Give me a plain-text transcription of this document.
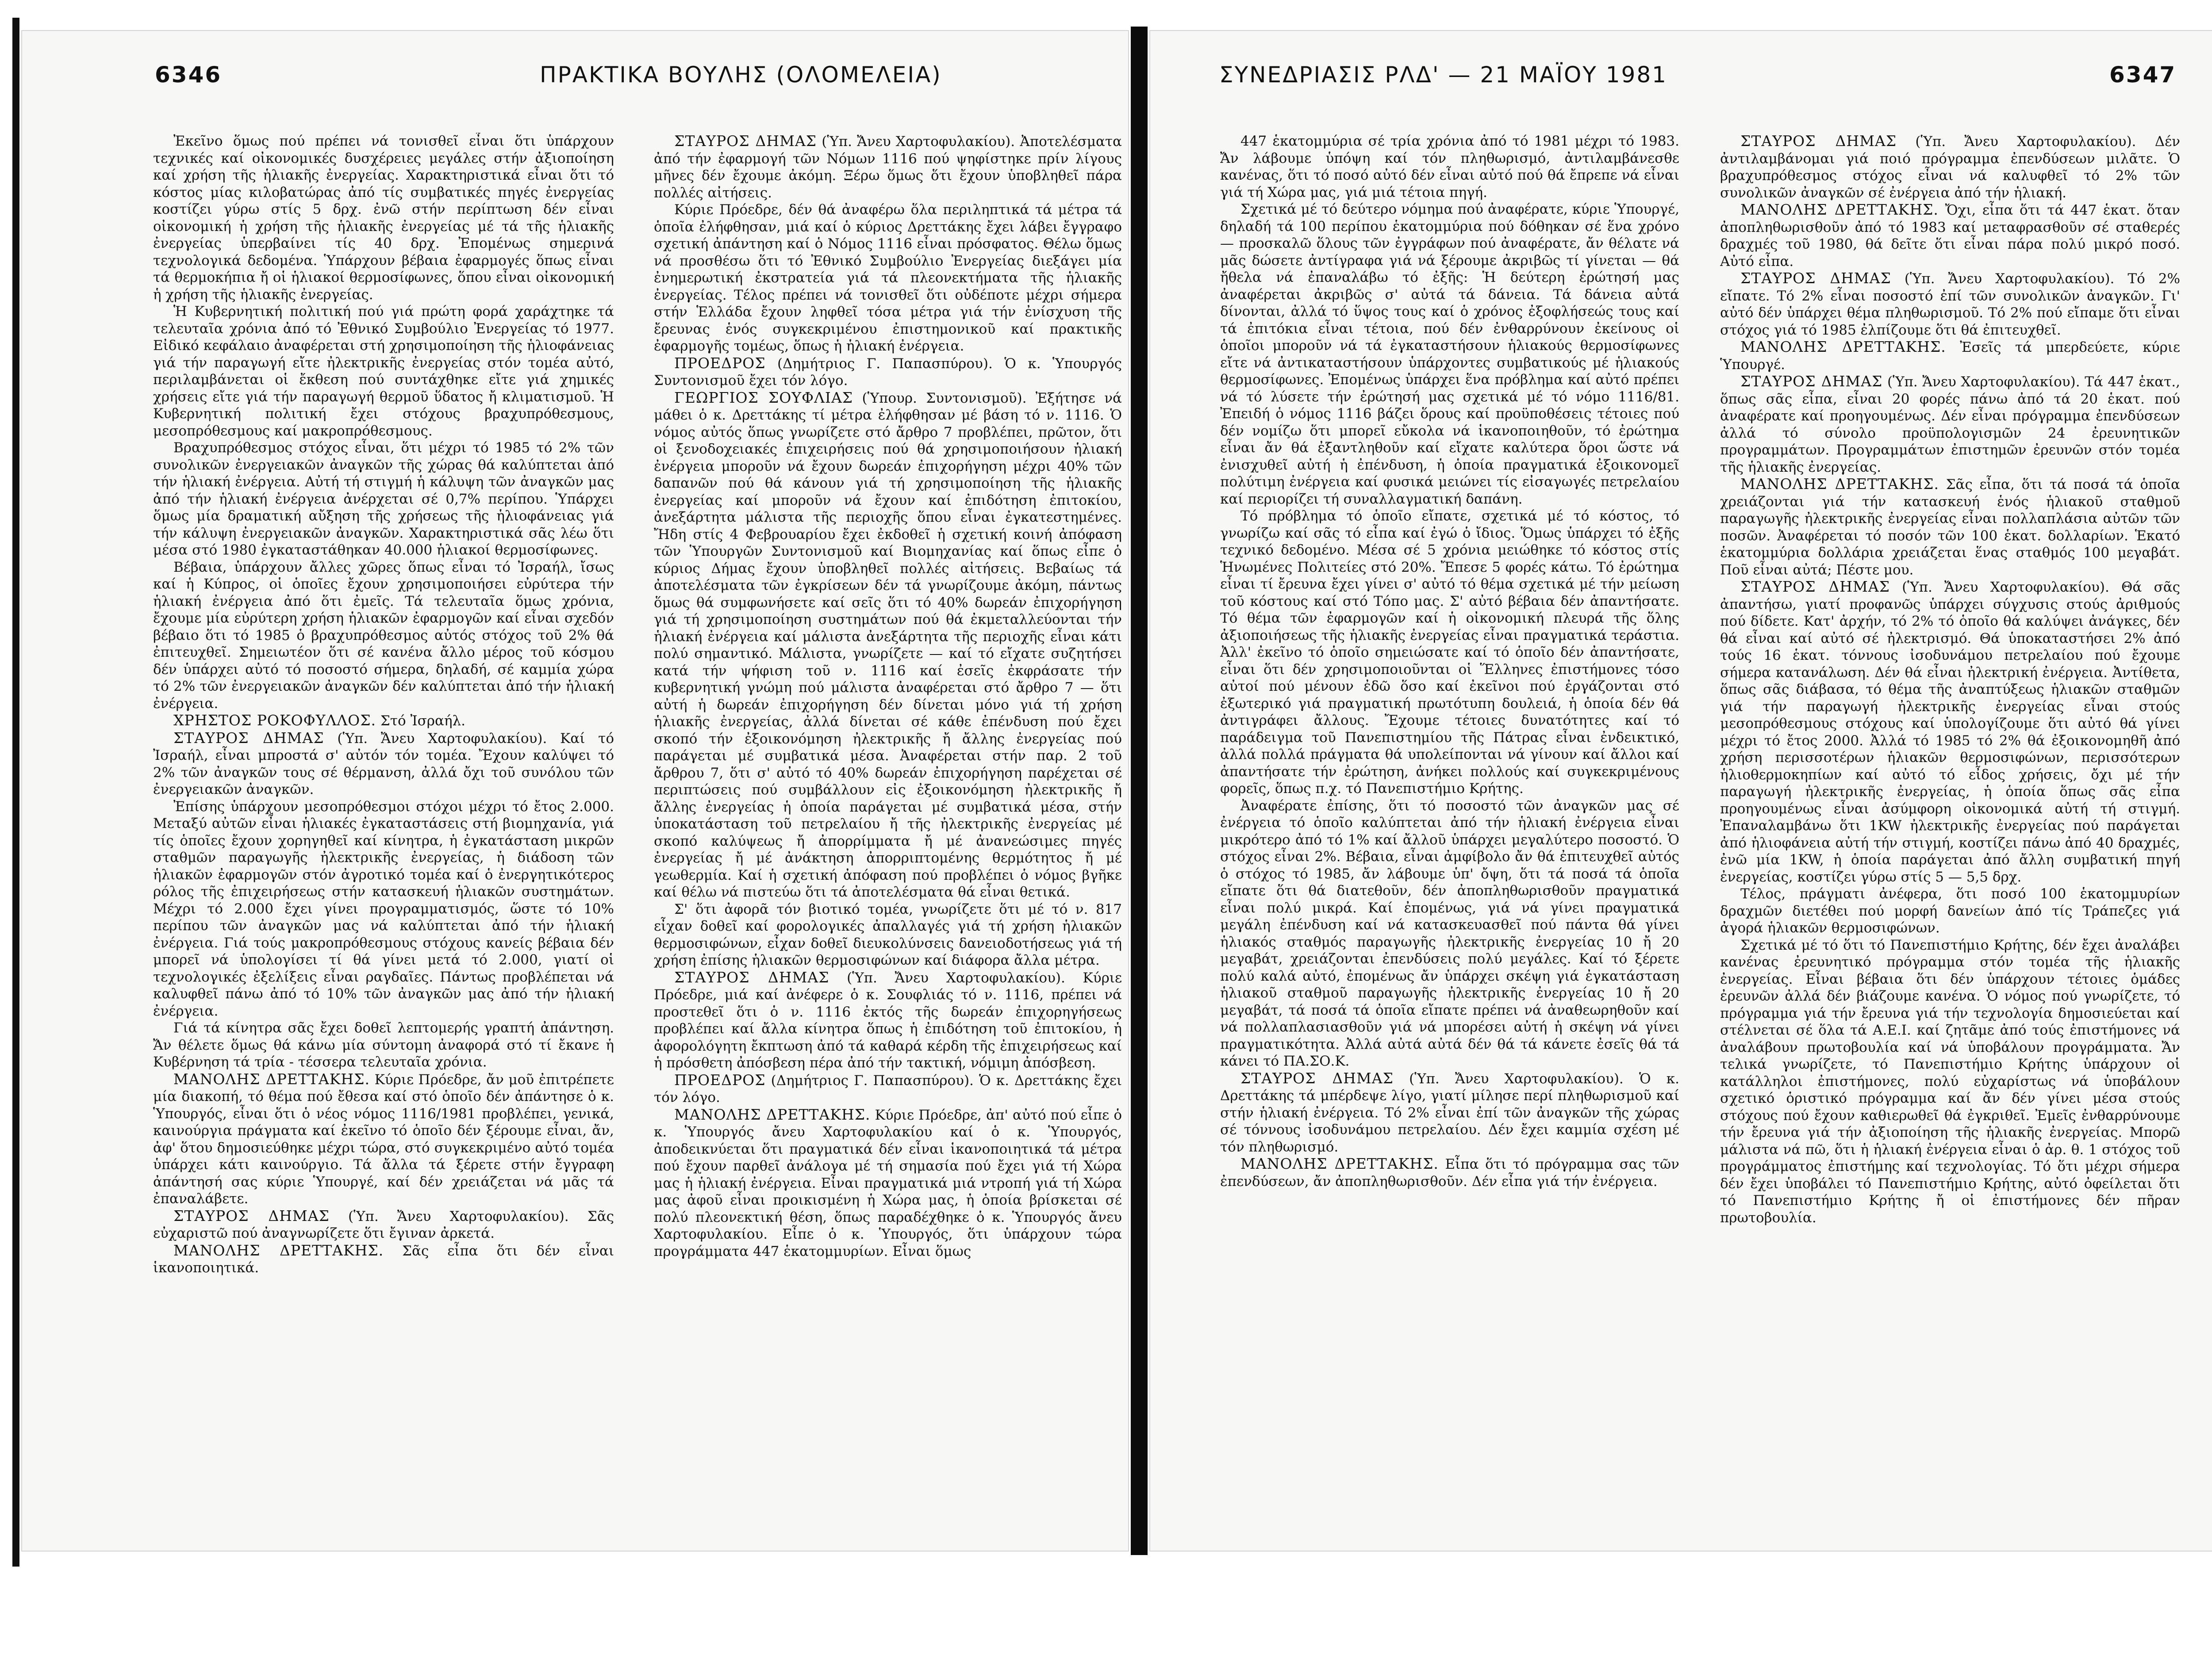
6346	ΠΡΑΚΤΙΚΑ ΒΟΥΛΗΣ (ΟΛΟΜΕΛΕΙΑ)

Ἐκεῖνο ὅμως πού πρέπει νά τονισθεῖ εἶναι ὅτι ὑπάρχουν τεχνικές καί οἰκονομικές δυσχέρειες μεγάλες στήν ἀξιοποίηση καί χρήση τῆς ἡλιακῆς ἐνεργείας. Χαρακτηριστικά εἶναι ὅτι τό κόστος μίας κιλοβατώρας ἀπό τίς συμβατικές πηγές ἐνεργείας κοστίζει γύρω στίς 5 δρχ. ἐνῶ στήν περίπτωση δέν εἶναι οἰκονομική ἡ χρήση τῆς ἡλιακῆς ἐνεργείας μέ τά τῆς ἡλιακῆς ἐνεργείας ὑπερβαίνει τίς 40 δρχ. Ἐπομένως σημερινά τεχνολογικά δεδομένα. Ὑπάρχουν βέβαια ἐφαρμογές ὅπως εἶναι τά θερμοκήπια ἤ οἱ ἡλιακοί θερμοσίφωνες, ὅπου εἶναι οἰκονομική ἡ χρήση τῆς ἡλιακῆς ἐνεργείας.

Ἡ Κυβερνητική πολιτική πού γιά πρώτη φορά χαράχτηκε τά τελευταῖα χρόνια ἀπό τό Ἐθνικό Συμβούλιο Ἐνεργείας τό 1977. Εἰδικό κεφάλαιο ἀναφέρεται στή χρησιμοποίηση τῆς ἡλιοφάνειας γιά τήν παραγωγή εἴτε ἠλεκτρικῆς ἐνεργείας στόν τομέα αὐτό, περιλαμβάνεται οἱ ἔκθεση πού συντάχθηκε εἴτε γιά χημικές χρήσεις εἴτε γιά τήν παραγωγή θερμοῦ ὕδατος ἤ κλιματισμοῦ. Ἡ Κυβερνητική πολιτική ἔχει στόχους βραχυπρόθεσμους, μεσοπρόθεσμους καί μακροπρόθεσμους.

Βραχυπρόθεσμος στόχος εἶναι, ὅτι μέχρι τό 1985 τό 2% τῶν συνολικῶν ἐνεργειακῶν ἀναγκῶν τῆς χώρας θά καλύπτεται ἀπό τήν ἡλιακή ἐνέργεια. Αὐτή τή στιγμή ἡ κάλυψη τῶν ἀναγκῶν μας ἀπό τήν ἡλιακή ἐνέργεια ἀνέρχεται σέ 0,7% περίπου. Ὑπάρχει ὅμως μία δραματική αὔξηση τῆς χρήσεως τῆς ἡλιοφάνειας γιά τήν κάλυψη ἐνεργειακῶν ἀναγκῶν. Χαρακτηριστικά σᾶς λέω ὅτι μέσα στό 1980 ἐγκαταστάθηκαν 40.000 ἡλιακοί θερμοσίφωνες.

Βέβαια, ὑπάρχουν ἄλλες χῶρες ὅπως εἶναι τό Ἰσραήλ, ἴσως καί ἡ Κύπρος, οἱ ὁποῖες ἔχουν χρησιμοποιήσει εὐρύτερα τήν ἡλιακή ἐνέργεια ἀπό ὅτι ἐμεῖς. Τά τελευταῖα ὅμως χρόνια, ἔχουμε μία εὐρύτερη χρήση ἡλιακῶν ἐφαρμογῶν καί εἶναι σχεδόν βέβαιο ὅτι τό 1985 ὁ βραχυπρόθεσμος αὐτός στόχος τοῦ 2% θά ἐπιτευχθεῖ. Σημειωτέον ὅτι σέ κανένα ἄλλο μέρος τοῦ κόσμου δέν ὑπάρχει αὐτό τό ποσοστό σήμερα, δηλαδή, σέ καμμία χώρα τό 2% τῶν ἐνεργειακῶν ἀναγκῶν δέν καλύπτεται ἀπό τήν ἡλιακή ἐνέργεια.

ΧΡΗΣΤΟΣ ΡΟΚΟΦΥΛΛΟΣ. Στό Ἰσραήλ.

ΣΤΑΥΡΟΣ ΔΗΜΑΣ (Ὑπ. Ἄνευ Χαρτοφυλακίου). Καί τό Ἰσραήλ, εἶναι μπροστά σ' αὐτόν τόν τομέα. Ἔχουν καλύψει τό 2% τῶν ἀναγκῶν τους σέ θέρμανση, ἀλλά ὄχι τοῦ συνόλου τῶν ἐνεργειακῶν ἀναγκῶν.

Ἐπίσης ὑπάρχουν μεσοπρόθεσμοι στόχοι μέχρι τό ἔτος 2.000. Μεταξύ αὐτῶν εἶναι ἡλιακές ἐγκαταστάσεις στή βιομηχανία, γιά τίς ὁποῖες ἔχουν χορηγηθεῖ καί κίνητρα, ἡ ἐγκατάσταση μικρῶν σταθμῶν παραγωγῆς ἠλεκτρικῆς ἐνεργείας, ἡ διάδοση τῶν ἡλιακῶν ἐφαρμογῶν στόν ἀγροτικό τομέα καί ὁ ἐνεργητικότερος ρόλος τῆς ἐπιχειρήσεως στήν κατασκευή ἡλιακῶν συστημάτων. Μέχρι τό 2.000 ἔχει γίνει προγραμματισμός, ὥστε τό 10% περίπου τῶν ἀναγκῶν μας νά καλύπτεται ἀπό τήν ἡλιακή ἐνέργεια. Γιά τούς μακροπρόθεσμους στόχους κανείς βέβαια δέν μπορεῖ νά ὑπολογίσει τί θά γίνει μετά τό 2.000, γιατί οἱ τεχνολογικές ἐξελίξεις εἶναι ραγδαῖες. Πάντως προβλέπεται νά καλυφθεῖ πάνω ἀπό τό 10% τῶν ἀναγκῶν μας ἀπό τήν ἡλιακή ἐνέργεια.

Γιά τά κίνητρα σᾶς ἔχει δοθεῖ λεπτομερής γραπτή ἀπάντηση. Ἄν θέλετε ὅμως θά κάνω μία σύντομη ἀναφορά στό τί ἔκανε ἡ Κυβέρνηση τά τρία - τέσσερα τελευταῖα χρόνια.

ΜΑΝΟΛΗΣ ΔΡΕΤΤΑΚΗΣ. Κύριε Πρόεδρε, ἄν μοῦ ἐπιτρέπετε μία διακοπή, τό θέμα πού ἔθεσα καί στό ὁποῖο δέν ἀπάντησε ὁ κ. Ὑπουργός, εἶναι ὅτι ὁ νέος νόμος 1116/1981 προβλέπει, γενικά, καινούργια πράγματα καί ἐκεῖνο τό ὁποῖο δέν ξέρουμε εἶναι, ἄν, ἀφ' ὅτου δημοσιεύθηκε μέχρι τώρα, στό συγκεκριμένο αὐτό τομέα ὑπάρχει κάτι καινούργιο. Τά ἄλλα τά ξέρετε στήν ἔγγραφη ἀπάντησή σας κύριε Ὑπουργέ, καί δέν χρειάζεται νά μᾶς τά ἐπαναλάβετε.

ΣΤΑΥΡΟΣ ΔΗΜΑΣ (Ὑπ. Ἄνευ Χαρτοφυλακίου). Σᾶς εὐχαριστῶ πού ἀναγνωρίζετε ὅτι ἔγιναν ἀρκετά.

ΜΑΝΟΛΗΣ ΔΡΕΤΤΑΚΗΣ. Σᾶς εἶπα ὅτι δέν εἶναι ἱκανοποιητικά.

ΣΤΑΥΡΟΣ ΔΗΜΑΣ (Ὑπ. Ἄνευ Χαρτοφυλακίου). Ἀποτελέσματα ἀπό τήν ἐφαρμογή τῶν Νόμων 1116 πού ψηφίστηκε πρίν λίγους μῆνες δέν ἔχουμε ἀκόμη. Ξέρω ὅμως ὅτι ἔχουν ὑποβληθεῖ πάρα πολλές αἰτήσεις.

Κύριε Πρόεδρε, δέν θά ἀναφέρω ὅλα περιληπτικά τά μέτρα τά ὁποῖα ἐλήφθησαν, μιά καί ὁ κύριος Δρεττάκης ἔχει λάβει ἔγγραφο σχετική ἀπάντηση καί ὁ Νόμος 1116 εἶναι πρόσφατος. Θέλω ὅμως νά προσθέσω ὅτι τό Ἐθνικό Συμβούλιο Ἐνεργείας διεξάγει μία ἐνημερωτική ἐκστρατεία γιά τά πλεονεκτήματα τῆς ἡλιακῆς ἐνεργείας. Τέλος πρέπει νά τονισθεῖ ὅτι οὐδέποτε μέχρι σήμερα στήν Ἑλλάδα ἔχουν ληφθεῖ τόσα μέτρα γιά τήν ἐνίσχυση τῆς ἔρευνας ἑνός συγκεκριμένου ἐπιστημονικοῦ καί πρακτικῆς ἐφαρμογῆς τομέως, ὅπως ἡ ἡλιακή ἐνέργεια.

ΠΡΟΕΔΡΟΣ (Δημήτριος Γ. Παπασπύρου). Ὁ κ. Ὑπουργός Συντονισμοῦ ἔχει τόν λόγο.

ΓΕΩΡΓΙΟΣ ΣΟΥΦΛΙΑΣ (Ὑπουρ. Συντονισμοῦ). Ἐξήτησε νά μάθει ὁ κ. Δρεττάκης τί μέτρα ἐλήφθησαν μέ βάση τό ν. 1116. Ὁ νόμος αὐτός ὅπως γνωρίζετε στό ἄρθρο 7 προβλέπει, πρῶτον, ὅτι οἱ ξενοδοχειακές ἐπιχειρήσεις πού θά χρησιμοποιήσουν ἡλιακή ἐνέργεια μποροῦν νά ἔχουν δωρεάν ἐπιχορήγηση μέχρι 40% τῶν δαπανῶν πού θά κάνουν γιά τή χρησιμοποίηση τῆς ἡλιακῆς ἐνεργείας καί μποροῦν νά ἔχουν καί ἐπιδότηση ἐπιτοκίου, ἀνεξάρτητα μάλιστα τῆς περιοχῆς ὅπου εἶναι ἐγκατεστημένες. Ἤδη στίς 4 Φεβρουαρίου ἔχει ἐκδοθεῖ ἡ σχετική κοινή ἀπόφαση τῶν Ὑπουργῶν Συντονισμοῦ καί Βιομηχανίας καί ὅπως εἶπε ὁ κύριος Δήμας ἔχουν ὑποβληθεῖ πολλές αἰτήσεις. Βεβαίως τά ἀποτελέσματα τῶν ἐγκρίσεων δέν τά γνωρίζουμε ἀκόμη, πάντως ὅμως θά συμφωνήσετε καί σεῖς ὅτι τό 40% δωρεάν ἐπιχορήγηση γιά τή χρησιμοποίηση συστημάτων πού θά ἐκμεταλλεύονται τήν ἡλιακή ἐνέργεια καί μάλιστα ἀνεξάρτητα τῆς περιοχῆς εἶναι κάτι πολύ σημαντικό. Μάλιστα, γνωρίζετε — καί τό εἴχατε συζητήσει κατά τήν ψήφιση τοῦ ν. 1116 καί ἐσεῖς ἐκφράσατε τήν κυβερνητική γνώμη πού μάλιστα ἀναφέρεται στό ἄρθρο 7 — ὅτι αὐτή ἡ δωρεάν ἐπιχορήγηση δέν δίνεται μόνο γιά τή χρήση ἡλιακῆς ἐνεργείας, ἀλλά δίνεται σέ κάθε ἐπένδυση πού ἔχει σκοπό τήν ἐξοικονόμηση ἠλεκτρικῆς ἤ ἄλλης ἐνεργείας πού παράγεται μέ συμβατικά μέσα. Ἀναφέρεται στήν παρ. 2 τοῦ ἄρθρου 7, ὅτι σ' αὐτό τό 40% δωρεάν ἐπιχορήγηση παρέχεται σέ περιπτώσεις πού συμβάλλουν εἰς ἐξοικονόμηση ἠλεκτρικῆς ἤ ἄλλης ἐνεργείας ἡ ὁποία παράγεται μέ συμβατικά μέσα, στήν ὑποκατάσταση τοῦ πετρελαίου ἤ τῆς ἠλεκτρικῆς ἐνεργείας μέ σκοπό καλύψεως ἤ ἀπορρίμματα ἤ μέ ἀνανεώσιμες πηγές ἐνεργείας ἤ μέ ἀνάκτηση ἀπορριπτομένης θερμότητος ἤ μέ γεωθερμία. Καί ἡ σχετική ἀπόφαση πού προβλέπει ὁ νόμος βγῆκε καί θέλω νά πιστεύω ὅτι τά ἀποτελέσματα θά εἶναι θετικά.

Σ' ὅτι ἀφορᾶ τόν βιοτικό τομέα, γνωρίζετε ὅτι μέ τό ν. 817 εἶχαν δοθεῖ καί φορολογικές ἀπαλλαγές γιά τή χρήση ἡλιακῶν θερμοσιφώνων, εἶχαν δοθεῖ διευκολύνσεις δανειοδοτήσεως γιά τή χρήση ἐπίσης ἡλιακῶν θερμοσιφώνων καί διάφορα ἄλλα μέτρα.

ΣΤΑΥΡΟΣ ΔΗΜΑΣ (Ὑπ. Ἄνευ Χαρτοφυλακίου). Κύριε Πρόεδρε, μιά καί ἀνέφερε ὁ κ. Σουφλιάς τό ν. 1116, πρέπει νά προστεθεῖ ὅτι ὁ ν. 1116 ἐκτός τῆς δωρεάν ἐπιχορηγήσεως προβλέπει καί ἄλλα κίνητρα ὅπως ἡ ἐπιδότηση τοῦ ἐπιτοκίου, ἡ ἀφορολόγητη ἔκπτωση ἀπό τά καθαρά κέρδη τῆς ἐπιχειρήσεως καί ἡ πρόσθετη ἀπόσβεση πέρα ἀπό τήν τακτική, νόμιμη ἀπόσβεση.

ΠΡΟΕΔΡΟΣ (Δημήτριος Γ. Παπασπύρου). Ὁ κ. Δρεττάκης ἔχει τόν λόγο.

ΜΑΝΟΛΗΣ ΔΡΕΤΤΑΚΗΣ. Κύριε Πρόεδρε, ἀπ' αὐτό πού εἶπε ὁ κ. Ὑπουργός ἄνευ Χαρτοφυλακίου καί ὁ κ. Ὑπουργός, ἀποδεικνύεται ὅτι πραγματικά δέν εἶναι ἱκανοποιητικά τά μέτρα πού ἔχουν παρθεῖ ἀνάλογα μέ τή σημασία πού ἔχει γιά τή Χώρα μας ἡ ἡλιακή ἐνέργεια. Εἶναι πραγματικά μιά ντροπή γιά τή Χώρα μας ἀφοῦ εἶναι προικισμένη ἡ Χώρα μας, ἡ ὁποία βρίσκεται σέ πολύ πλεονεκτική θέση, ὅπως παραδέχθηκε ὁ κ. Ὑπουργός ἄνευ Χαρτοφυλακίου. Εἶπε ὁ κ. Ὑπουργός, ὅτι ὑπάρχουν τώρα προγράμματα 447 ἑκατομμυρίων. Εἶναι ὅμως

ΣΥΝΕΔΡΙΑΣΙΣ ΡΛΔ' — 21 ΜΑΪΟΥ 1981	6347

447 ἑκατομμύρια σέ τρία χρόνια ἀπό τό 1981 μέχρι τό 1983. Ἄν λάβουμε ὑπόψη καί τόν πληθωρισμό, ἀντιλαμβάνεσθε κανένας, ὅτι τό ποσό αὐτό δέν εἶναι αὐτό πού θά ἔπρεπε νά εἶναι γιά τή Χώρα μας, γιά μιά τέτοια πηγή.

Σχετικά μέ τό δεύτερο νόμημα πού ἀναφέρατε, κύριε Ὑπουργέ, δηλαδή τά 100 περίπου ἑκατομμύρια πού δόθηκαν σέ ἕνα χρόνο — προσκαλῶ ὅλους τῶν ἐγγράφων πού ἀναφέρατε, ἄν θέλατε νά μᾶς δώσετε ἀντίγραφα γιά νά ξέρουμε ἀκριβῶς τί γίνεται — θά ἤθελα νά ἐπαναλάβω τό ἐξῆς: Ἡ δεύτερη ἐρώτησή μας ἀναφέρεται ἀκριβῶς σ' αὐτά τά δάνεια. Τά δάνεια αὐτά δίνονται, ἀλλά τό ὕψος τους καί ὁ χρόνος ἐξοφλήσεώς τους καί τά ἐπιτόκια εἶναι τέτοια, πού δέν ἐνθαρρύνουν ἐκείνους οἱ ὁποῖοι μποροῦν νά τά ἐγκαταστήσουν ἡλιακούς θερμοσίφωνες εἴτε νά ἀντικαταστήσουν ὑπάρχοντες συμβατικούς μέ ἡλιακούς θερμοσίφωνες. Ἐπομένως ὑπάρχει ἕνα πρόβλημα καί αὐτό πρέπει νά τό λύσετε τήν ἐρώτησή μας σχετικά μέ τό νόμο 1116/81. Ἐπειδή ὁ νόμος 1116 βάζει ὅρους καί προϋποθέσεις τέτοιες πού δέν νομίζω ὅτι μπορεῖ εὔκολα νά ἱκανοποιηθοῦν, τό ἐρώτημα εἶναι ἄν θά ἐξαντληθοῦν καί εἴχατε καλύτερα ὅροι ὥστε νά ἐνισχυθεῖ αὐτή ἡ ἐπένδυση, ἡ ὁποία πραγματικά ἐξοικονομεῖ πολύτιμη ἐνέργεια καί φυσικά μειώνει τίς εἰσαγωγές πετρελαίου καί περιορίζει τή συναλλαγματική δαπάνη.

Τό πρόβλημα τό ὁποῖο εἴπατε, σχετικά μέ τό κόστος, τό γνωρίζω καί σᾶς τό εἶπα καί ἐγώ ὁ ἴδιος. Ὅμως ὑπάρχει τό ἐξῆς τεχνικό δεδομένο. Μέσα σέ 5 χρόνια μειώθηκε τό κόστος στίς Ἡνωμένες Πολιτείες στό 20%. Ἔπεσε 5 φορές κάτω. Τό ἐρώτημα εἶναι τί ἔρευνα ἔχει γίνει σ' αὐτό τό θέμα σχετικά μέ τήν μείωση τοῦ κόστους καί στό Τόπο μας. Σ' αὐτό βέβαια δέν ἀπαντήσατε. Τό θέμα τῶν ἐφαρμογῶν καί ἡ οἰκονομική πλευρά τῆς ὅλης ἀξιοποιήσεως τῆς ἡλιακῆς ἐνεργείας εἶναι πραγματικά τεράστια. Ἀλλ' ἐκεῖνο τό ὁποῖο σημειώσατε καί τό ὁποῖο δέν ἀπαντήσατε, εἶναι ὅτι δέν χρησιμοποιοῦνται οἱ Ἕλληνες ἐπιστήμονες τόσο αὐτοί πού μένουν ἐδῶ ὅσο καί ἐκεῖνοι πού ἐργάζονται στό ἐξωτερικό γιά πραγματική πρωτότυπη δουλειά, ἡ ὁποία δέν θά ἀντιγράφει ἄλλους. Ἔχουμε τέτοιες δυνατότητες καί τό παράδειγμα τοῦ Πανεπιστημίου τῆς Πάτρας εἶναι ἐνδεικτικό, ἀλλά πολλά πράγματα θά υπολείπονται νά γίνουν καί ἄλλοι καί ἀπαντήσατε τήν ἐρώτηση, ἀνήκει πολλούς καί συγκεκριμένους φορεῖς, ὅπως π.χ. τό Πανεπιστήμιο Κρήτης.

Ἀναφέρατε ἐπίσης, ὅτι τό ποσοστό τῶν ἀναγκῶν μας σέ ἐνέργεια τό ὁποῖο καλύπτεται ἀπό τήν ἡλιακή ἐνέργεια εἶναι μικρότερο ἀπό τό 1% καί ἄλλοῦ ὑπάρχει μεγαλύτερο ποσοστό. Ὁ στόχος εἶναι 2%. Βέβαια, εἶναι ἀμφίβολο ἄν θά ἐπιτευχθεῖ αὐτός ὁ στόχος τό 1985, ἄν λάβουμε ὑπ' ὄψη, ὅτι τά ποσά τά ὁποῖα εἴπατε ὅτι θά διατεθοῦν, δέν ἀποπληθωρισθοῦν πραγματικά εἶναι πολύ μικρά. Καί ἐπομένως, γιά νά γίνει πραγματικά μεγάλη ἐπένδυση καί νά κατασκευασθεῖ πού πάντα θά γίνει ἡλιακός σταθμός παραγωγῆς ἠλεκτρικῆς ἐνεργείας 10 ἤ 20 μεγαβάτ, χρειάζονται ἐπενδύσεις πολύ μεγάλες. Καί τό ξέρετε πολύ καλά αὐτό, ἐπομένως ἄν ὑπάρχει σκέψη γιά ἐγκατάσταση ἡλιακοῦ σταθμοῦ παραγωγῆς ἠλεκτρικῆς ἐνεργείας 10 ἤ 20 μεγαβάτ, τά ποσά τά ὁποῖα εἴπατε πρέπει νά ἀναθεωρηθοῦν καί νά πολλαπλασιασθοῦν γιά νά μπορέσει αὐτή ἡ σκέψη νά γίνει πραγματικότητα. Ἀλλά αὐτά αὐτά δέν θά τά κάνετε ἐσεῖς θά τά κάνει τό ΠΑ.ΣΟ.Κ.

ΣΤΑΥΡΟΣ ΔΗΜΑΣ (Ὑπ. Ἄνευ Χαρτοφυλακίου). Ὁ κ. Δρεττάκης τά μπέρδεψε λίγο, γιατί μίλησε περί πληθωρισμοῦ καί στήν ἡλιακή ἐνέργεια. Τό 2% εἶναι ἐπί τῶν ἀναγκῶν τῆς χώρας σέ τόννους ἰσοδυνάμου πετρελαίου. Δέν ἔχει καμμία σχέση μέ τόν πληθωρισμό.

ΜΑΝΟΛΗΣ ΔΡΕΤΤΑΚΗΣ. Εἶπα ὅτι τό πρόγραμμα σας τῶν ἐπενδύσεων, ἄν ἀποπληθωρισθοῦν. Δέν εἶπα γιά τήν ἐνέργεια.

ΣΤΑΥΡΟΣ ΔΗΜΑΣ (Ὑπ. Ἄνευ Χαρτοφυλακίου). Δέν ἀντιλαμβάνομαι γιά ποιό πρόγραμμα ἐπενδύσεων μιλᾶτε. Ὁ βραχυπρόθεσμος στόχος εἶναι νά καλυφθεῖ τό 2% τῶν συνολικῶν ἀναγκῶν σέ ἐνέργεια ἀπό τήν ἡλιακή.

ΜΑΝΟΛΗΣ ΔΡΕΤΤΑΚΗΣ. Ὄχι, εἶπα ὅτι τά 447 ἑκατ. ὅταν ἀποπληθωρισθοῦν ἀπό τό 1983 καί μεταφρασθοῦν σέ σταθερές δραχμές τοῦ 1980, θά δεῖτε ὅτι εἶναι πάρα πολύ μικρό ποσό. Αὐτό εἶπα.

ΣΤΑΥΡΟΣ ΔΗΜΑΣ (Ὑπ. Ἄνευ Χαρτοφυλακίου). Τό 2% εἴπατε. Τό 2% εἶναι ποσοστό ἐπί τῶν συνολικῶν ἀναγκῶν. Γι' αὐτό δέν ὑπάρχει θέμα πληθωρισμοῦ. Τό 2% πού εἴπαμε ὅτι εἶναι στόχος γιά τό 1985 ἐλπίζουμε ὅτι θά ἐπιτευχθεῖ.

ΜΑΝΟΛΗΣ ΔΡΕΤΤΑΚΗΣ. Ἐσεῖς τά μπερδεύετε, κύριε Ὑπουργέ.

ΣΤΑΥΡΟΣ ΔΗΜΑΣ (Ὑπ. Ἄνευ Χαρτοφυλακίου). Τά 447 ἑκατ., ὅπως σᾶς εἶπα, εἶναι 20 φορές πάνω ἀπό τά 20 ἑκατ. πού ἀναφέρατε καί προηγουμένως. Δέν εἶναι πρόγραμμα ἐπενδύσεων ἀλλά τό σύνολο προϋπολογισμῶν 24 ἐρευνητικῶν προγραμμάτων. Προγραμμάτων ἐπιστημῶν ἐρευνῶν στόν τομέα τῆς ἡλιακῆς ἐνεργείας.

ΜΑΝΟΛΗΣ ΔΡΕΤΤΑΚΗΣ. Σᾶς εἶπα, ὅτι τά ποσά τά ὁποῖα χρειάζονται γιά τήν κατασκευή ἑνός ἡλιακοῦ σταθμοῦ παραγωγῆς ἠλεκτρικῆς ἐνεργείας εἶναι πολλαπλάσια αὐτῶν τῶν ποσῶν. Ἀναφέρεται τό ποσόν τῶν 100 ἑκατ. δολλαρίων. Ἑκατό ἑκατομμύρια δολλάρια χρειάζεται ἕνας σταθμός 100 μεγαβάτ. Ποῦ εἶναι αὐτά; Πέστε μου.

ΣΤΑΥΡΟΣ ΔΗΜΑΣ (Ὑπ. Ἄνευ Χαρτοφυλακίου). Θά σᾶς ἀπαντήσω, γιατί προφανῶς ὑπάρχει σύγχυσις στούς ἀριθμούς πού δίδετε. Κατ' ἀρχήν, τό 2% τό ὁποῖο θά καλύψει ἀνάγκες, δέν θά εἶναι καί αὐτό σέ ἠλεκτρισμό. Θά ὑποκαταστήσει 2% ἀπό τούς 16 ἑκατ. τόννους ἰσοδυνάμου πετρελαίου πού ἔχουμε σήμερα κατανάλωση. Δέν θά εἶναι ἠλεκτρική ἐνέργεια. Ἀντίθετα, ὅπως σᾶς διάβασα, τό θέμα τῆς ἀναπτύξεως ἡλιακῶν σταθμῶν γιά τήν παραγωγή ἠλεκτρικῆς ἐνεργείας εἶναι στούς μεσοπρόθεσμους στόχους καί ὑπολογίζουμε ὅτι αὐτό θά γίνει μέχρι τό ἔτος 2000. Ἀλλά τό 1985 τό 2% θά ἐξοικονομηθῆ ἀπό χρήση περισσοτέρων ἡλιακῶν θερμοσιφώνων, περισσότερων ἡλιοθερμοκηπίων καί αὐτό τό εἶδος χρήσεις, ὄχι μέ τήν παραγωγή ἠλεκτρικῆς ἐνεργείας, ἡ ὁποία ὅπως σᾶς εἶπα προηγουμένως εἶναι ἀσύμφορη οἰκονομικά αὐτή τή στιγμή. Ἐπαναλαμβάνω ὅτι 1KW ἠλεκτρικῆς ἐνεργείας πού παράγεται ἀπό ἡλιοφάνεια αὐτή τήν στιγμή, κοστίζει πάνω ἀπό 40 δραχμές, ἐνῶ μία 1KW, ἡ ὁποία παράγεται ἀπό ἄλλη συμβατική πηγή ἐνεργείας, κοστίζει γύρω στίς 5 — 5,5 δρχ.

Τέλος, πράγματι ἀνέφερα, ὅτι ποσό 100 ἑκατομμυρίων δραχμῶν διετέθει πού μορφή δανείων ἀπό τίς Τράπεζες γιά ἀγορά ἡλιακῶν θερμοσιφώνων.

Σχετικά μέ τό ὅτι τό Πανεπιστήμιο Κρήτης, δέν ἔχει ἀναλάβει κανένας ἐρευνητικό πρόγραμμα στόν τομέα τῆς ἡλιακῆς ἐνεργείας. Εἶναι βέβαια ὅτι δέν ὑπάρχουν τέτοιες ὁμάδες ἐρευνῶν ἀλλά δέν βιάζουμε κανένα. Ὁ νόμος πού γνωρίζετε, τό πρόγραμμα γιά τήν ἔρευνα γιά τήν τεχνολογία δημοσιεύεται καί στέλνεται σέ ὅλα τά Α.Ε.Ι. καί ζητᾶμε ἀπό τούς ἐπιστήμονες νά ἀναλάβουν πρωτοβουλία καί νά ὑποβάλουν προγράμματα. Ἄν τελικά γνωρίζετε, τό Πανεπιστήμιο Κρήτης ὑπάρχουν οἱ κατάλληλοι ἐπιστήμονες, πολύ εὐχαρίστως νά ὑποβάλουν σχετικό ὁριστικό πρόγραμμα καί ἄν δέν γίνει μέσα στούς στόχους πού ἔχουν καθιερωθεῖ θά ἐγκριθεῖ. Ἐμεῖς ἐνθαρρύνουμε τήν ἔρευνα γιά τήν ἀξιοποίηση τῆς ἡλιακῆς ἐνεργείας. Μπορῶ μάλιστα νά πῶ, ὅτι ἡ ἡλιακή ἐνέργεια εἶναι ὁ ἀρ. θ. 1 στόχος τοῦ προγράμματος ἐπιστήμης καί τεχνολογίας. Τό ὅτι μέχρι σήμερα δέν ἔχει ὑποβάλει τό Πανεπιστήμιο Κρήτης, αὐτό ὀφείλεται ὅτι τό Πανεπιστήμιο Κρήτης ἤ οἱ ἐπιστήμονες δέν πῆραν πρωτοβουλία.
